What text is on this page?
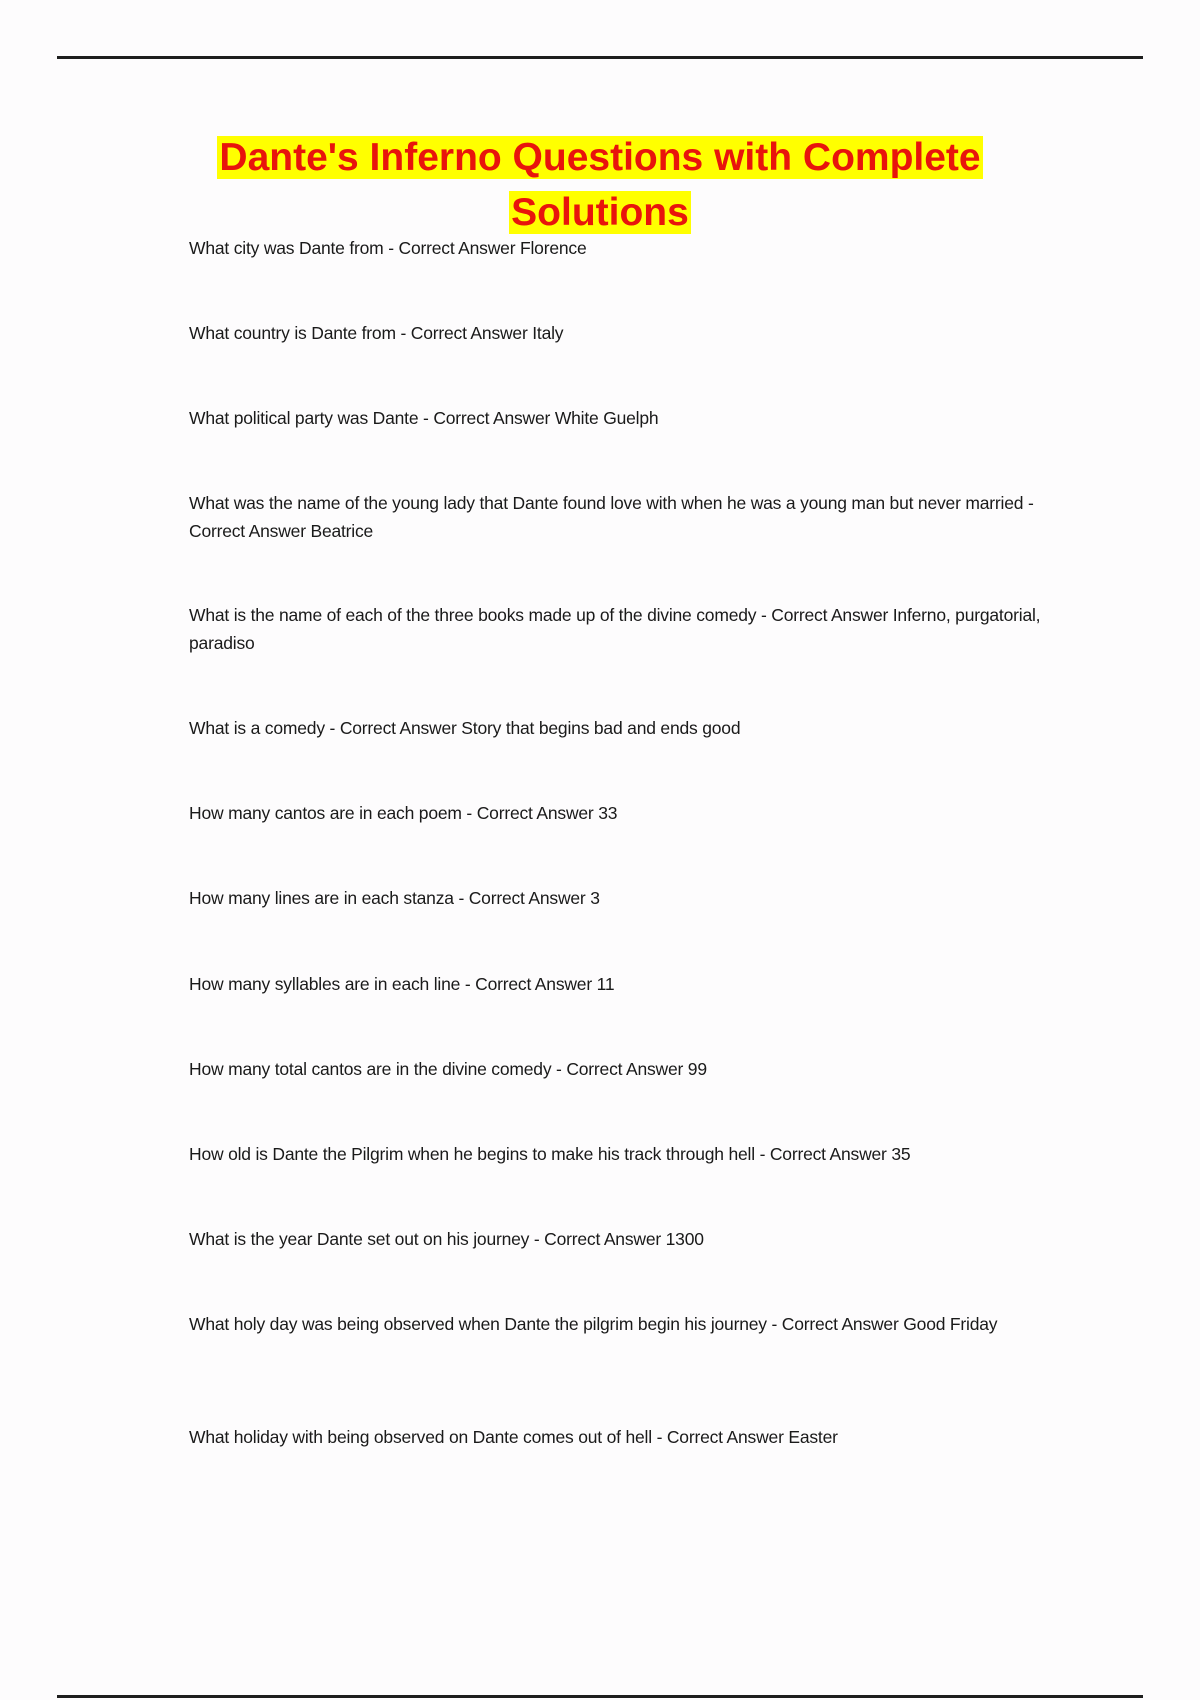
Dante's Inferno Questions with Complete Solutions
What city was Dante from - Correct Answer Florence
What country is Dante from - Correct Answer Italy
What political party was Dante - Correct Answer White Guelph
What was the name of the young lady that Dante found love with when he was a young man but never married - Correct Answer Beatrice
What is the name of each of the three books made up of the divine comedy - Correct Answer Inferno, purgatorial, paradiso
What is a comedy - Correct Answer Story that begins bad and ends good
How many cantos are in each poem - Correct Answer 33
How many lines are in each stanza - Correct Answer 3
How many syllables are in each line - Correct Answer 11
How many total cantos are in the divine comedy - Correct Answer 99
How old is Dante the Pilgrim when he begins to make his track through hell - Correct Answer 35
What is the year Dante set out on his journey - Correct Answer 1300
What holy day was being observed when Dante the pilgrim begin his journey - Correct Answer Good Friday
What holiday with being observed on Dante comes out of hell - Correct Answer Easter
